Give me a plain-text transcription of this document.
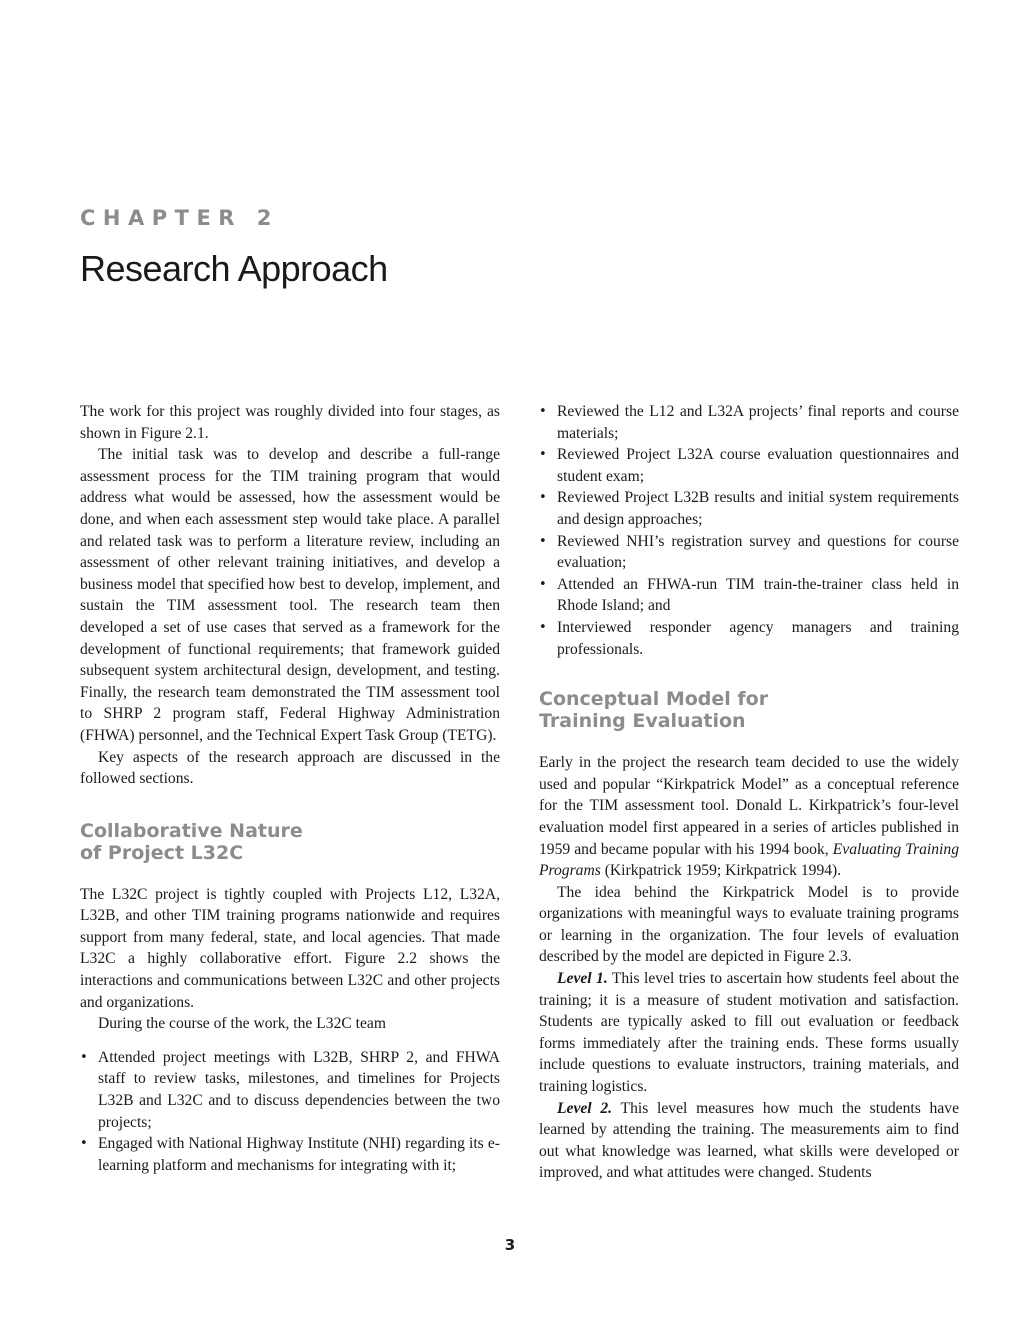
CHAPTER 2
Research Approach

The work for this project was roughly divided into four stages, as shown in Figure 2.1.

The initial task was to develop and describe a full-range assessment process for the TIM training program that would address what would be assessed, how the assessment would be done, and when each assessment step would take place. A parallel and related task was to perform a literature review, including an assessment of other relevant training initiatives, and develop a business model that specified how best to develop, implement, and sustain the TIM assessment tool. The research team then developed a set of use cases that served as a framework for the development of functional requirements; that framework guided subsequent system architectural design, development, and testing. Finally, the research team demonstrated the TIM assessment tool to SHRP 2 program staff, Federal Highway Administration (FHWA) personnel, and the Technical Expert Task Group (TETG).

Key aspects of the research approach are discussed in the followed sections.

Collaborative Nature
of Project L32C

The L32C project is tightly coupled with Projects L12, L32A, L32B, and other TIM training programs nationwide and requires support from many federal, state, and local agencies. That made L32C a highly collaborative effort. Figure 2.2 shows the interactions and communications between L32C and other projects and organizations.

During the course of the work, the L32C team

• Attended project meetings with L32B, SHRP 2, and FHWA staff to review tasks, milestones, and timelines for Projects L32B and L32C and to discuss dependencies between the two projects;
• Engaged with National Highway Institute (NHI) regarding its e-learning platform and mechanisms for integrating with it;
• Reviewed the L12 and L32A projects’ final reports and course materials;
• Reviewed Project L32A course evaluation questionnaires and student exam;
• Reviewed Project L32B results and initial system requirements and design approaches;
• Reviewed NHI’s registration survey and questions for course evaluation;
• Attended an FHWA-run TIM train-the-trainer class held in Rhode Island; and
• Interviewed responder agency managers and training professionals.
Conceptual Model for
Training Evaluation

Early in the project the research team decided to use the widely used and popular “Kirkpatrick Model” as a conceptual reference for the TIM assessment tool. Donald L. Kirkpatrick’s four-level evaluation model first appeared in a series of articles published in 1959 and became popular with his 1994 book, Evaluating Training Programs (Kirkpatrick 1959; Kirkpatrick 1994).

The idea behind the Kirkpatrick Model is to provide organizations with meaningful ways to evaluate training programs or learning in the organization. The four levels of evaluation described by the model are depicted in Figure 2.3.

Level 1. This level tries to ascertain how students feel about the training; it is a measure of student motivation and satisfaction. Students are typically asked to fill out evaluation or feedback forms immediately after the training ends. These forms usually include questions to evaluate instructors, training materials, and training logistics.

Level 2. This level measures how much the students have learned by attending the training. The measurements aim to find out what knowledge was learned, what skills were developed or improved, and what attitudes were changed. Students

3
